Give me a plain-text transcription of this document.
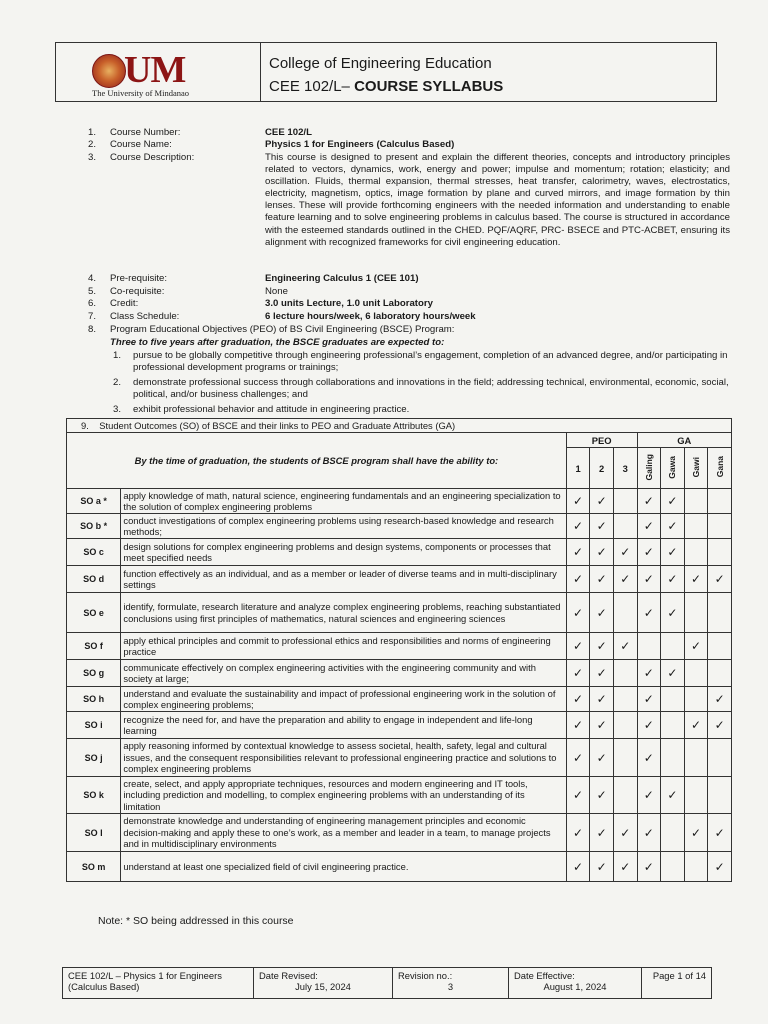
UM
The University of Mindanao
College of Engineering Education
CEE 102/L– COURSE SYLLABUS
1. Course Number:	CEE 102/L
2. Course Name:	Physics 1 for Engineers (Calculus Based)
3. Course Description:	This course is designed to present and explain the different theories, concepts and introductory principles related to vectors, dynamics, work, energy and power; impulse and momentum; rotation; elasticity; and oscillation. Fluids, thermal expansion, thermal stresses, heat transfer, calorimetry, waves, electrostatics, electricity, magnetism, optics, image formation by plane and curved mirrors, and image formation by thin lenses. These will provide forthcoming engineers with the needed information and understanding to enable feature learning and to solve engineering problems in calculus based. The course is structured in accordance with the esteemed standards outlined in the CHED. PQF/AQRF, PRC- BSECE and PTC-ACBET, ensuring its alignment with recognized frameworks for civil engineering education.
4. Pre-requisite:	Engineering Calculus 1 (CEE 101)
5. Co-requisite:	None
6. Credit:	3.0 units Lecture, 1.0 unit Laboratory
7. Class Schedule:	6 lecture hours/week, 6 laboratory hours/week
8. Program Educational Objectives (PEO) of BS Civil Engineering (BSCE) Program:
Three to five years after graduation, the BSCE graduates are expected to:
1. pursue to be globally competitive through engineering professional’s engagement, completion of an advanced degree, and/or participating in professional development programs or trainings;
2. demonstrate professional success through collaborations and innovations in the field; addressing technical, environmental, economic, social, political, and/or business challenges; and
3. exhibit professional behavior and attitude in engineering practice.
9. Student Outcomes (SO) of BSCE and their links to PEO and Graduate Attributes (GA)								
By the time of graduation, the students of BSCE program shall have the ability to:		PEO			GA			
		1	2	3	Galing	Gawa	Gawi	Gana
SO a *	apply knowledge of math, natural science, engineering fundamentals and an engineering specialization to the solution of complex engineering problems	✓	✓		✓	✓		
SO b *	conduct investigations of complex engineering problems using research-based knowledge and research methods;	✓	✓		✓	✓		
SO c	design solutions for complex engineering problems and design systems, components or processes that meet specified needs	✓	✓	✓	✓	✓		
SO d	function effectively as an individual, and as a member or leader of diverse teams and in multi-disciplinary settings	✓	✓	✓	✓	✓	✓	✓
SO e	identify, formulate, research literature and analyze complex engineering problems, reaching substantiated conclusions using first principles of mathematics, natural sciences and engineering sciences	✓	✓		✓	✓		
SO f	apply ethical principles and commit to professional ethics and responsibilities and norms of engineering practice	✓	✓	✓			✓	
SO g	communicate effectively on complex engineering activities with the engineering community and with society at large;	✓	✓		✓	✓		
SO h	understand and evaluate the sustainability and impact of professional engineering work in the solution of complex engineering problems;	✓	✓		✓			✓
SO i	recognize the need for, and have the preparation and ability to engage in independent and life-long learning	✓	✓		✓		✓	✓
SO j	apply reasoning informed by contextual knowledge to assess societal, health, safety, legal and cultural issues, and the consequent responsibilities relevant to professional engineering practice and solutions to complex engineering problems	✓	✓		✓			
SO k	create, select, and apply appropriate techniques, resources and modern engineering and IT tools, including prediction and modelling, to complex engineering problems with an understanding of its limitation	✓	✓		✓	✓		
SO l	demonstrate knowledge and understanding of engineering management principles and economic decision-making and apply these to one’s work, as a member and leader in a team, to manage projects and in multidisciplinary environments	✓	✓	✓	✓		✓	✓
SO m	understand at least one specialized field of civil engineering practice.	✓	✓	✓	✓			✓
Note: * SO being addressed in this course
CEE 102/L – Physics 1 for Engineers (Calculus Based)	Date Revised:
July 15, 2024
	Revision no.:
3
	Date Effective:
August 1, 2024
	Page 1 of 14
